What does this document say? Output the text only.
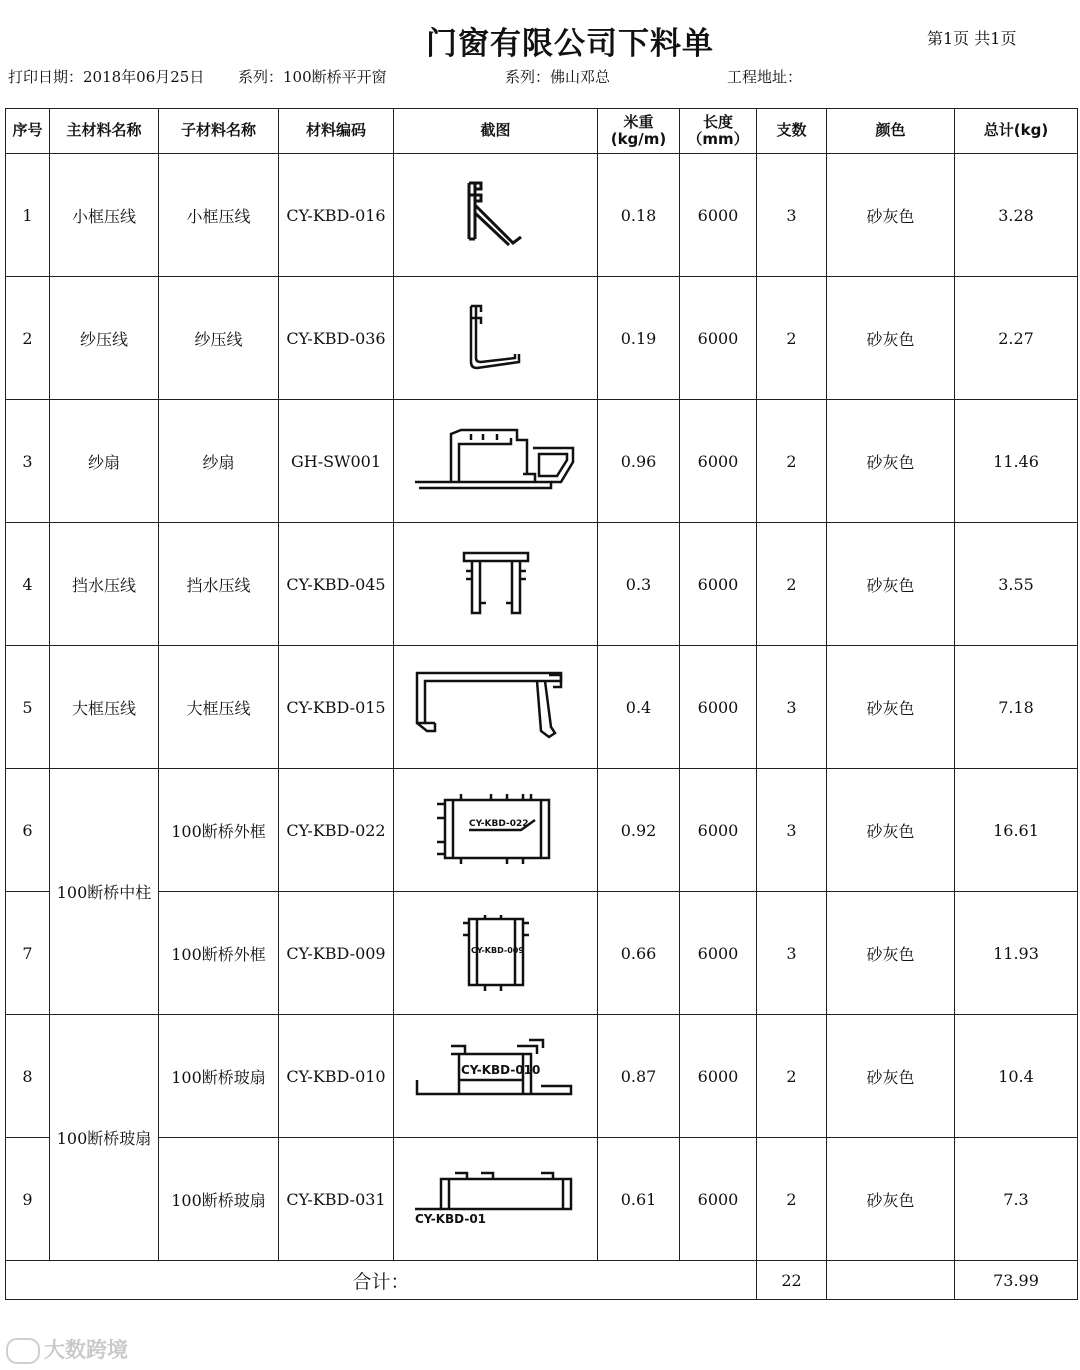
门窗有限公司下料单	第1页 共1页
打印日期：2018年06月25日 系列：100断桥平开窗	系列：佛山邓总	工程地址：
序号	主材料名称	子材料名称	材料编码	截图	米重(kg/m)	长度（mm）	支数	颜色	总计(kg)
1	小框压线	小框压线	CY-KBD-016		0.18	6000	3	砂灰色	3.28
2	纱压线	纱压线	CY-KBD-036		0.19	6000	2	砂灰色	2.27
3	纱扇	纱扇	GH-SW001		0.96	6000	2	砂灰色	11.46
4	挡水压线	挡水压线	CY-KBD-045		0.3	6000	2	砂灰色	3.55
5	大框压线	大框压线	CY-KBD-015		0.4	6000	3	砂灰色	7.18
6	100断桥中柱	100断桥外框	CY-KBD-022	CY-KBD-022	0.92	6000	3	砂灰色	16.61
7		100断桥外框	CY-KBD-009	CY-KBD-009	0.66	6000	3	砂灰色	11.93
8	100断桥玻扇	100断桥玻扇	CY-KBD-010	CY-KBD-010	0.87	6000	2	砂灰色	10.4
9		100断桥玻扇	CY-KBD-031	CY-KBD-01	0.61	6000	2	砂灰色	7.3
合计：							22		73.99
大数跨境
